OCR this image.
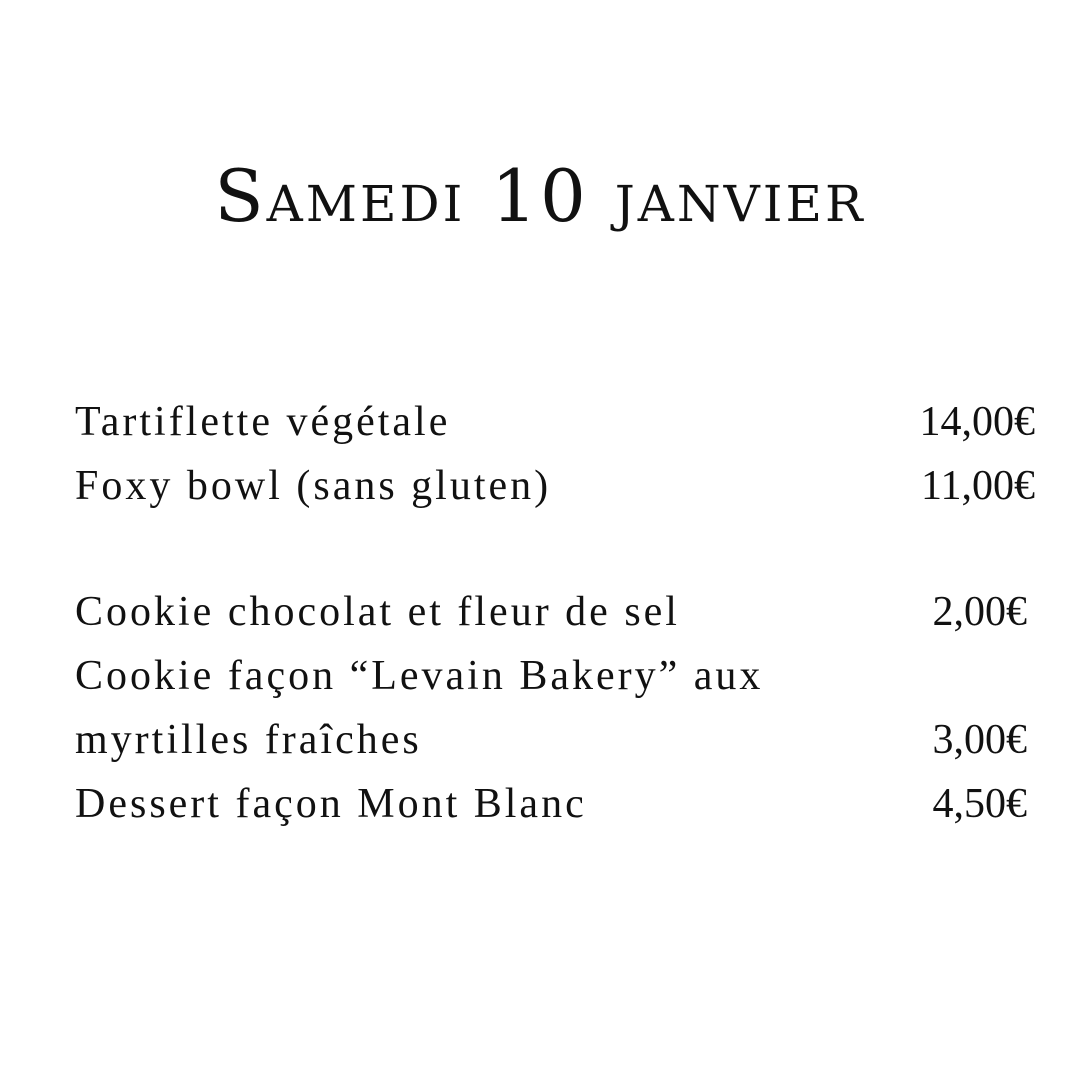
Samedi 10 janvier
Tartiflette végétale	14,00€
Foxy bowl (sans gluten)	11,00€
Cookie chocolat et fleur de sel	2,00€
Cookie façon “Levain Bakery” aux
myrtilles fraîches	3,00€
Dessert façon Mont Blanc	4,50€
